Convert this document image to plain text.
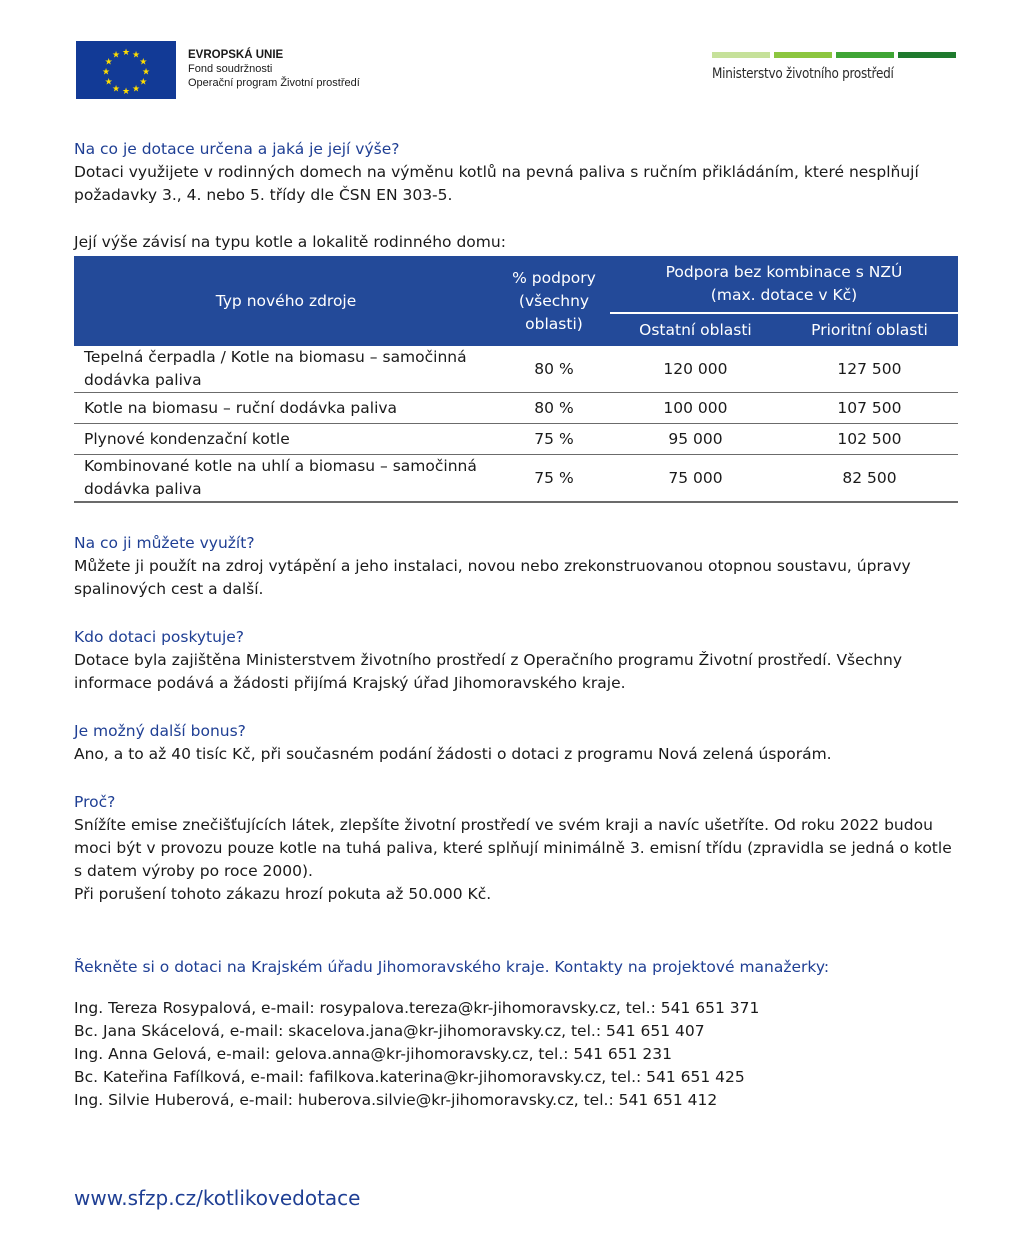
★ ★
★
★
★
★
★
★
★
★
★
★	EVROPSKÁ UNIE
Fond soudržnosti
Operační program Životní prostředí
Ministerstvo životního prostředí

Na co je dotace určena a jaká je její výše?

Dotaci využijete v rodinných domech na výměnu kotlů na pevná paliva s ručním přikládáním, které nesplňují požadavky 3., 4. nebo 5. třídy dle ČSN EN 303-5.

Její výše závisí na typu kotle a lokalitě rodinného domu:

Typ nového zdroje	% podpory (všechny oblasti)	Podpora bez kombinace s NZÚ
(max. dotace v Kč)	

		Ostatní oblasti	Prioritní oblasti
Tepelná čerpadla / Kotle na biomasu – samočinná dodávka paliva	80 %	120 000	127 500
Kotle na biomasu – ruční dodávka paliva	80 %	100 000	107 500
Plynové kondenzační kotle	75 %	95 000	102 500
Kombinované kotle na uhlí a biomasu – samočinná dodávka paliva	75 %	75 000	82 500

Na co ji můžete využít?

Můžete ji použít na zdroj vytápění a jeho instalaci, novou nebo zrekonstruovanou otopnou soustavu, úpravy spalinových cest a další.

Kdo dotaci poskytuje?

Dotace byla zajištěna Ministerstvem životního prostředí z Operačního programu Životní prostředí. Všechny informace podává a žádosti přijímá Krajský úřad Jihomoravského kraje.

Je možný další bonus?

Ano, a to až 40 tisíc Kč, při současném podání žádosti o dotaci z programu Nová zelená úsporám.

Proč?

Snížíte emise znečišťujících látek, zlepšíte životní prostředí ve svém kraji a navíc ušetříte. Od roku 2022 budou moci být v provozu pouze kotle na tuhá paliva, které splňují minimálně 3. emisní třídu (zpravidla se jedná o kotle s datem výroby po roce 2000).

Při porušení tohoto zákazu hrozí pokuta až 50.000 Kč.

Řekněte si o dotaci na Krajském úřadu Jihomoravského kraje. Kontakty na projektové manažerky:

Ing. Tereza Rosypalová, e-mail: rosypalova.tereza@kr-jihomoravsky.cz, tel.: 541 651 371
Bc. Jana Skácelová, e-mail: skacelova.jana@kr-jihomoravsky.cz, tel.: 541 651 407
Ing. Anna Gelová, e-mail: gelova.anna@kr-jihomoravsky.cz, tel.: 541 651 231
Bc. Kateřina Fafílková, e-mail: fafilkova.katerina@kr-jihomoravsky.cz, tel.: 541 651 425
Ing. Silvie Huberová, e-mail: huberova.silvie@kr-jihomoravsky.cz, tel.: 541 651 412
www.sfzp.cz/kotlikovedotace
